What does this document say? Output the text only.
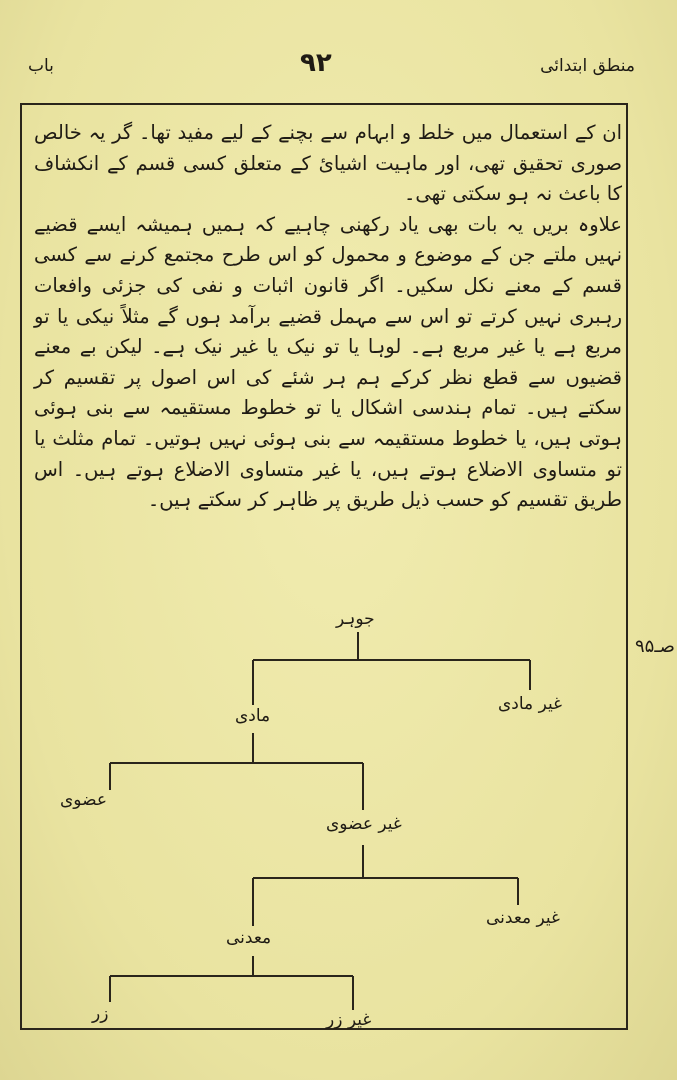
منطق ابتدائی
۹۲
باب

ان کے استعمال میں خلط و ابہام سے بچنے کے لیے مفید تھا۔ گر یہ خالص صوری تحقیق تھی، اور ماہیت اشیائ کے متعلق کسی قسم کے انکشاف کا باعث نہ ہو سکتی تھی۔

علاوہ بریں یہ بات بھی یاد رکھنی چاہیے کہ ہمیں ہمیشہ ایسے قضیے نہیں ملتے جن کے موضوع و محمول کو اس طرح مجتمع کرنے سے کسی قسم کے معنے نکل سکیں۔ اگر قانون اثبات و نفی کی جزئی وافعات رہبری نہیں کرتے تو اس سے مہمل قضیے برآمد ہوں گے مثلاً نیکی یا تو مربع ہے یا غیر مربع ہے۔ لوہا یا تو نیک یا غیر نیک ہے۔ لیکن بے معنے قضیوں سے قطع نظر کرکے ہم ہر شئے کی اس اصول پر تقسیم کر سکتے ہیں۔ تمام ہندسی اشکال یا تو خطوط مستقیمہ سے بنی ہوئی ہوتی ہیں، یا خطوط مستقیمہ سے بنی ہوئی نہیں ہوتیں۔ تمام مثلث یا تو متساوی الاضلاع ہوتے ہیں، یا غیر متساوی الاضلاع ہوتے ہیں۔ اس طریق تقسیم کو حسب ذیل طریق پر ظاہر کر سکتے ہیں۔

صـ۹۵
جوہر
مادی
غیر مادی
عضوی
غیر عضوی
معدنی
غیر معدنی
زر	غیر زر
